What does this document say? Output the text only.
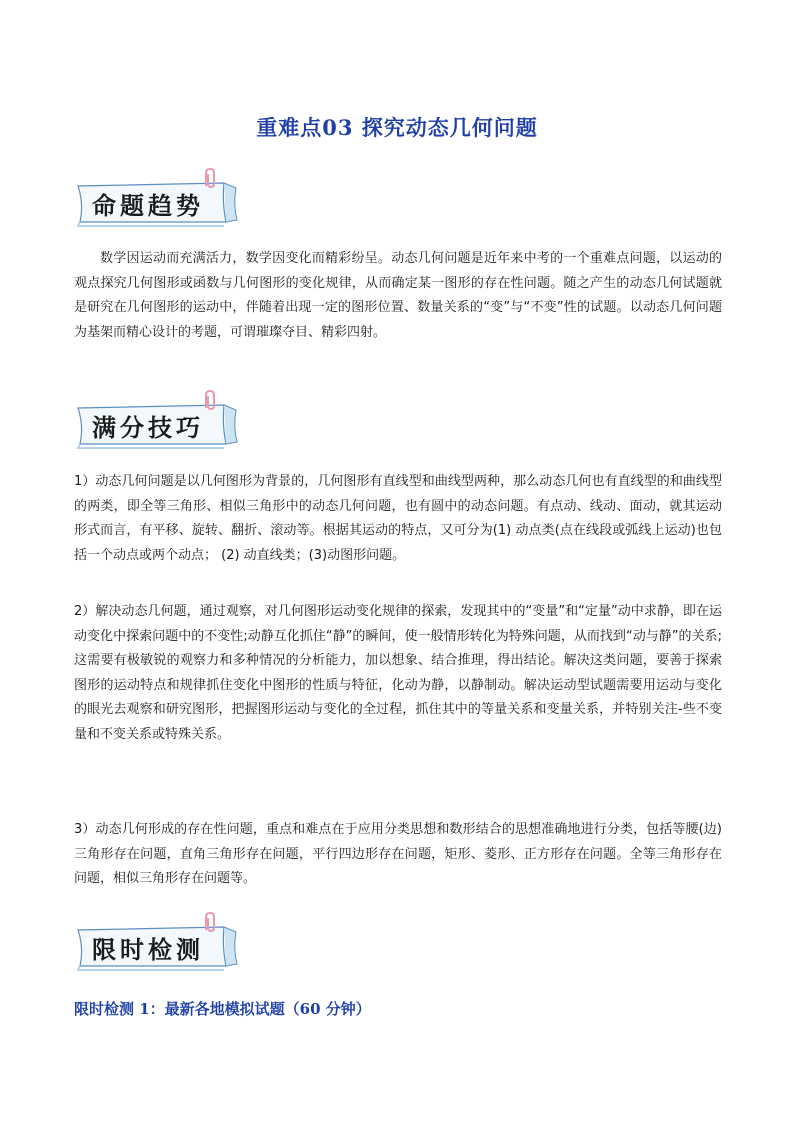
重难点03 探究动态几何问题
命题趋势

数学因运动而充满活力，数学因变化而精彩纷呈。动态几何问题是近年来中考的一个重难点问题，以运动的观点探究几何图形或函数与几何图形的变化规律，从而确定某一图形的存在性问题。随之产生的动态几何试题就是研究在几何图形的运动中，伴随着出现一定的图形位置、数量关系的“变”与“不变”性的试题。以动态几何问题为基架而精心设计的考题，可谓璀璨夺目、精彩四射。

满分技巧

1）动态几何问题是以几何图形为背景的，几何图形有直线型和曲线型两种，那么动态几何也有直线型的和曲线型的两类，即全等三角形、相似三角形中的动态几何问题，也有圆中的动态问题。有点动、线动、面动，就其运动形式而言，有平移、旋转、翻折、滚动等。根据其运动的特点，又可分为(1) 动点类(点在线段或弧线上运动)也包括一个动点或两个动点； (2) 动直线类；(3)动图形问题。

2）解决动态几何题，通过观察，对几何图形运动变化规律的探索，发现其中的“变量”和“定量”动中求静，即在运动变化中探索问题中的不变性;动静互化抓住“静”的瞬间，使一般情形转化为特殊问题，从而找到“动与静”的关系;这需要有极敏锐的观察力和多种情况的分析能力，加以想象、结合推理，得出结论。解决这类问题，要善于探索图形的运动特点和规律抓住变化中图形的性质与特征，化动为静，以静制动。解决运动型试题需要用运动与变化的眼光去观察和研究图形，把握图形运动与变化的全过程，抓住其中的等量关系和变量关系，并特别关注-些不变量和不变关系或特殊关系。

3）动态几何形成的存在性问题，重点和难点在于应用分类思想和数形结合的思想准确地进行分类，包括等腰(边)三角形存在问题，直角三角形存在问题，平行四边形存在问题，矩形、菱形、正方形存在问题。全等三角形存在问题，相似三角形存在问题等。

限时检测
限时检测 1：最新各地模拟试题（60 分钟）
